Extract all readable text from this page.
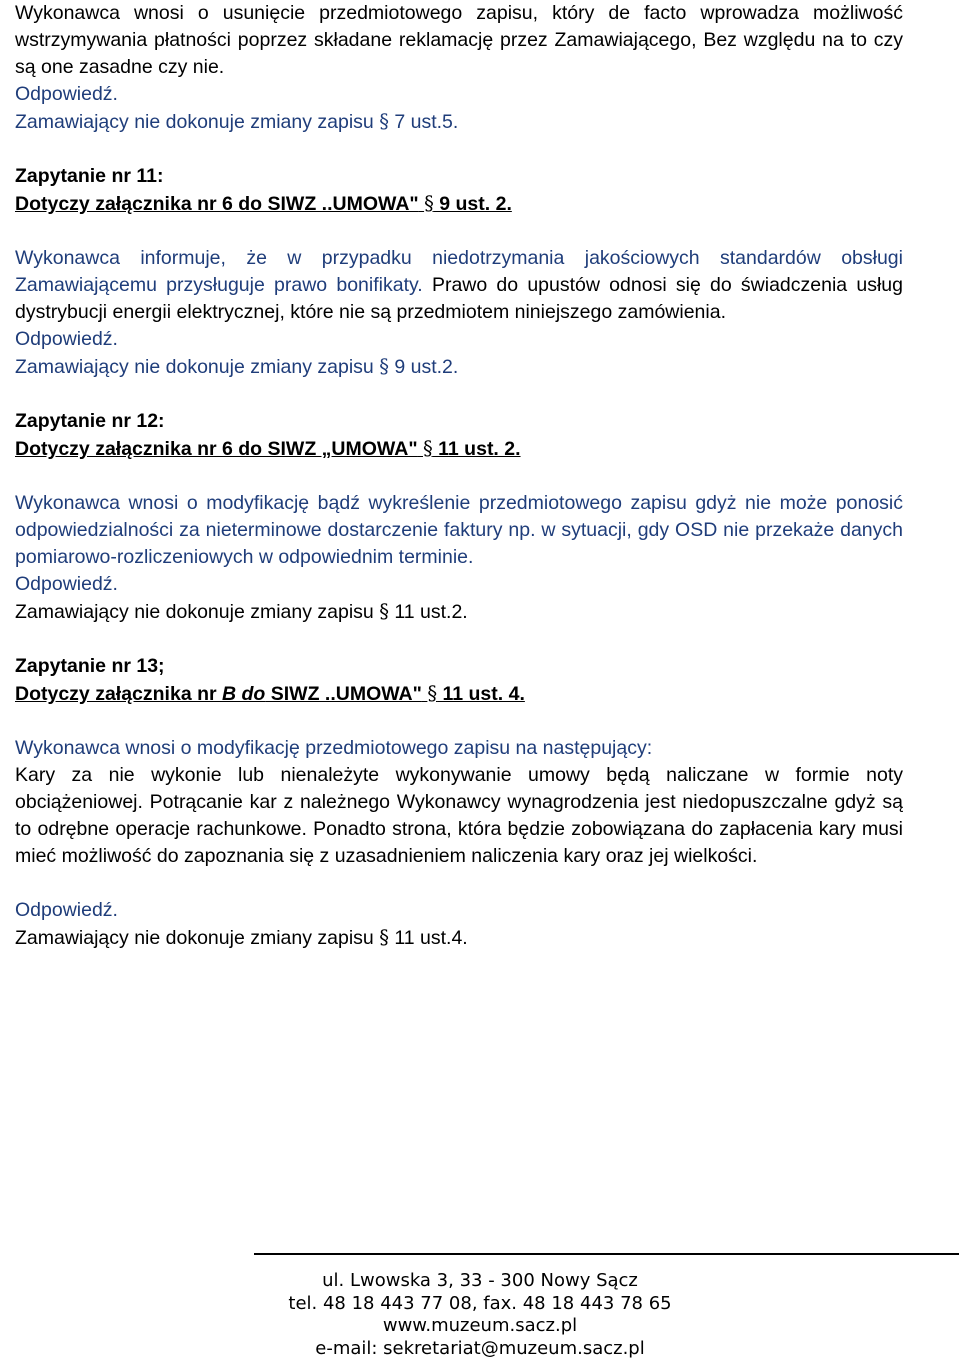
Wykonawca wnosi o usunięcie przedmiotowego zapisu, który de facto wprowadza możliwość wstrzymywania płatności poprzez składane reklamację przez Zamawiającego, Bez względu na to czy są one zasadne czy nie.

Odpowiedź.

Zamawiający nie dokonuje zmiany zapisu § 7 ust.5.

Zapytanie nr 11:

Dotyczy załącznika nr 6 do SIWZ ..UMOWA" § 9 ust. 2.

Wykonawca informuje, że w przypadku niedotrzymania jakościowych standardów obsługi Zamawiającemu przysługuje prawo bonifikaty. Prawo do upustów odnosi się do świadczenia usług dystrybucji energii elektrycznej, które nie są przedmiotem niniejszego zamówienia.

Odpowiedź.

Zamawiający nie dokonuje zmiany zapisu § 9 ust.2.

Zapytanie nr 12:

Dotyczy załącznika nr 6 do SIWZ „UMOWA" § 11 ust. 2.

Wykonawca wnosi o modyfikację bądź wykreślenie przedmiotowego zapisu gdyż nie może ponosić odpowiedzialności za nieterminowe dostarczenie faktury np. w sytuacji, gdy OSD nie przekaże danych pomiarowo-rozliczeniowych w odpowiednim terminie.

Odpowiedź.

Zamawiający nie dokonuje zmiany zapisu § 11 ust.2.

Zapytanie nr 13;

Dotyczy załącznika nr B do SIWZ ..UMOWA" § 11 ust. 4.

Wykonawca wnosi o modyfikację przedmiotowego zapisu na następujący:

Kary za nie wykonie lub nienależyte wykonywanie umowy będą naliczane w formie noty obciążeniowej. Potrącanie kar z należnego Wykonawcy wynagrodzenia jest niedopuszczalne gdyż są to odrębne operacje rachunkowe. Ponadto strona, która będzie zobowiązana do zapłacenia kary musi mieć możliwość do zapoznania się z uzasadnieniem naliczenia kary oraz jej wielkości.

Odpowiedź.

Zamawiający nie dokonuje zmiany zapisu § 11 ust.4.

ul. Lwowska 3, 33 - 300 Nowy Sącz
tel. 48 18 443 77 08, fax. 48 18 443 78 65
www.muzeum.sacz.pl
e-mail: sekretariat@muzeum.sacz.pl
